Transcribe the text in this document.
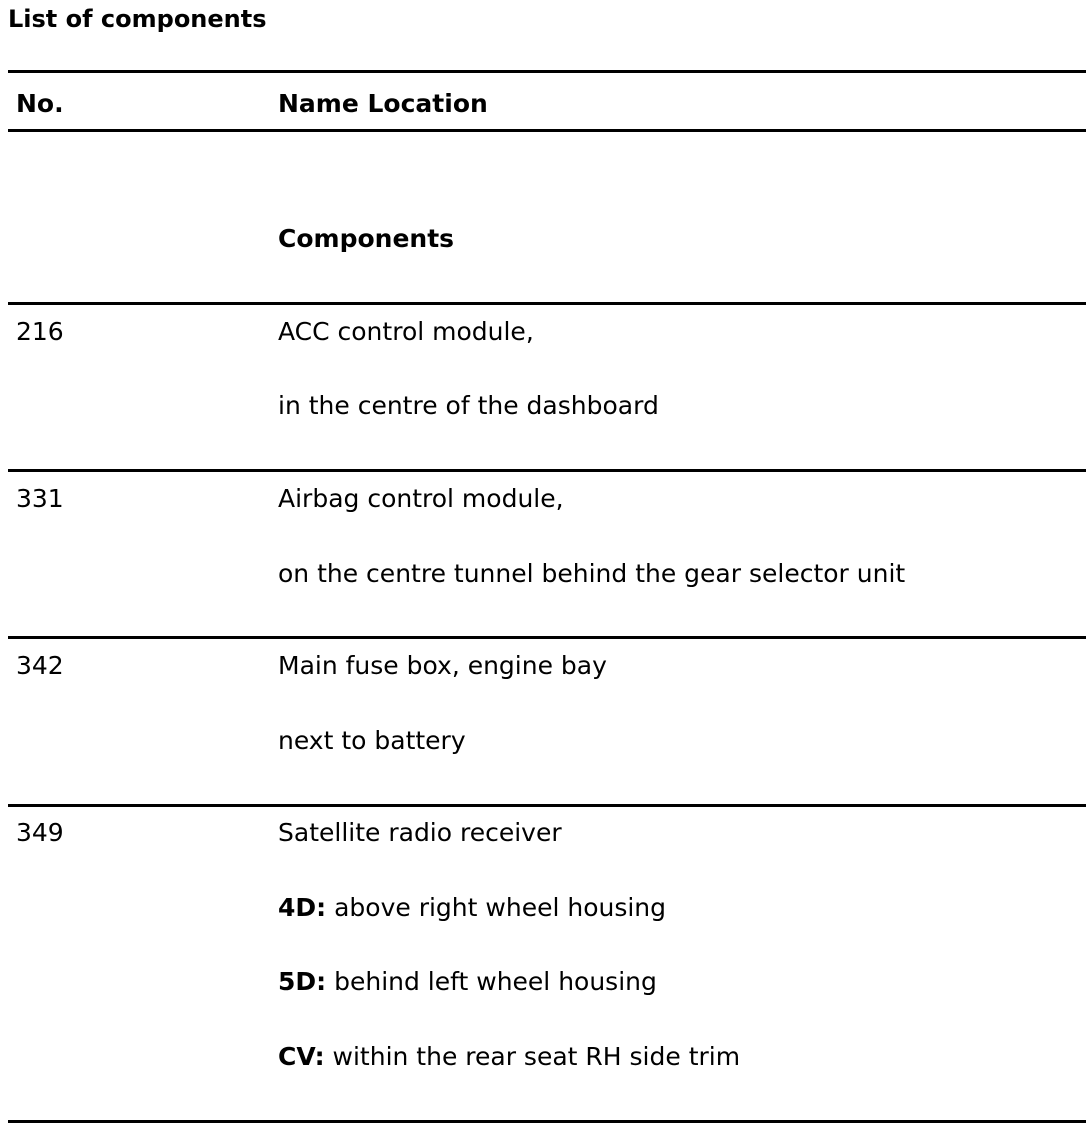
List of components
No.	Name Location
Components
216	ACC control module,
in the centre of the dashboard
331	Airbag control module,
on the centre tunnel behind the gear selector unit
342	Main fuse box, engine bay
next to battery
349	Satellite radio receiver
4D: above right wheel housing
5D: behind left wheel housing
CV: within the rear seat RH side trim
